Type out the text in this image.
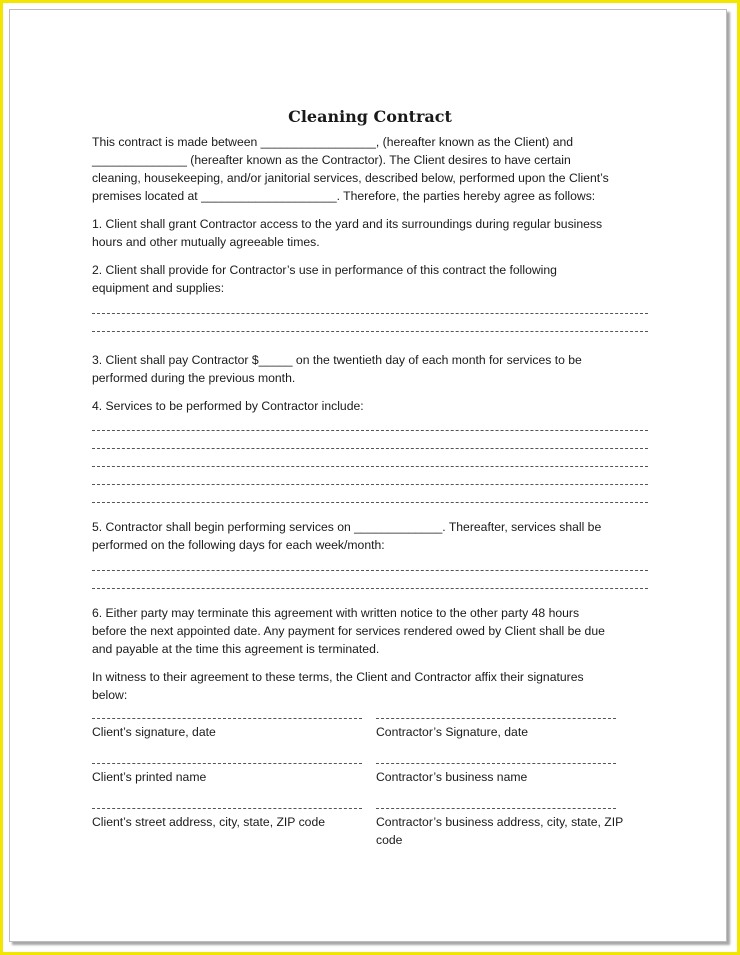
Cleaning Contract

This contract is made between _________________, (hereafter known as the Client) and

______________ (hereafter known as the Contractor). The Client desires to have certain

cleaning, housekeeping, and/or janitorial services, described below, performed upon the Client’s

premises located at ____________________. Therefore, the parties hereby agree as follows:

1. Client shall grant Contractor access to the yard and its surroundings during regular business

hours and other mutually agreeable times.

2. Client shall provide for Contractor’s use in performance of this contract the following

equipment and supplies:

3. Client shall pay Contractor $_____ on the twentieth day of each month for services to be

performed during the previous month.

4. Services to be performed by Contractor include:

5. Contractor shall begin performing services on _____________. Thereafter, services shall be

performed on the following days for each week/month:

6. Either party may terminate this agreement with written notice to the other party 48 hours

before the next appointed date. Any payment for services rendered owed by Client shall be due

and payable at the time this agreement is terminated.

In witness to their agreement to these terms, the Client and Contractor affix their signatures

below:

Client’s signature, date	Contractor’s Signature, date

Client’s printed name	Contractor’s business name

Client’s street address, city, state, ZIP code	Contractor’s business address, city, state, ZIP

code
